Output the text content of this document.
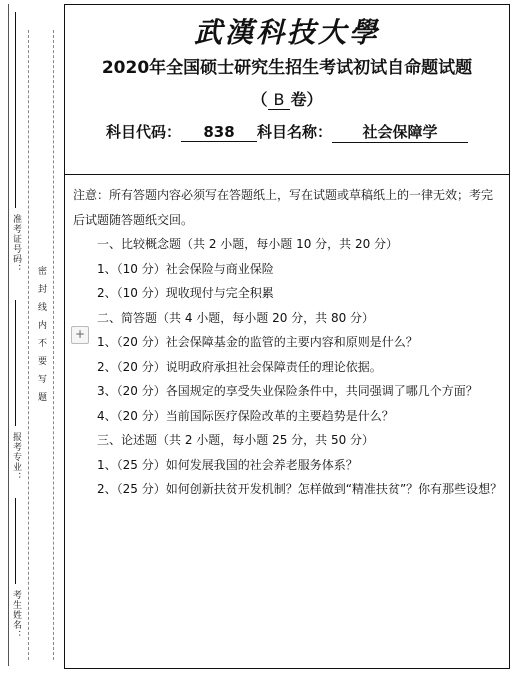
准考证号码：
密封线内不要写题
报考专业：
考生姓名：
武漢科技大學
2020年全国硕士研究生招生考试初试自命题试题
（ B 卷）
科目代码： 838 科目名称： 社会保障学

注意：所有答题内容必须写在答题纸上，写在试题或草稿纸上的一律无效；考完后试题随答题纸交回。

一、比较概念题（共 2 小题，每小题 10 分，共 20 分）

1、（10 分）社会保险与商业保险

2、（10 分）现收现付与完全积累

二、简答题（共 4 小题，每小题 20 分，共 80 分）

1、（20 分）社会保障基金的监管的主要内容和原则是什么？

2、（20 分）说明政府承担社会保障责任的理论依据。

3、（20 分）各国规定的享受失业保险条件中，共同强调了哪几个方面？

4、（20 分）当前国际医疗保险改革的主要趋势是什么？

三、论述题（共 2 小题，每小题 25 分，共 50 分）

1、（25 分）如何发展我国的社会养老服务体系？

2、（25 分）如何创新扶贫开发机制？怎样做到“精准扶贫”？你有那些设想？

+
